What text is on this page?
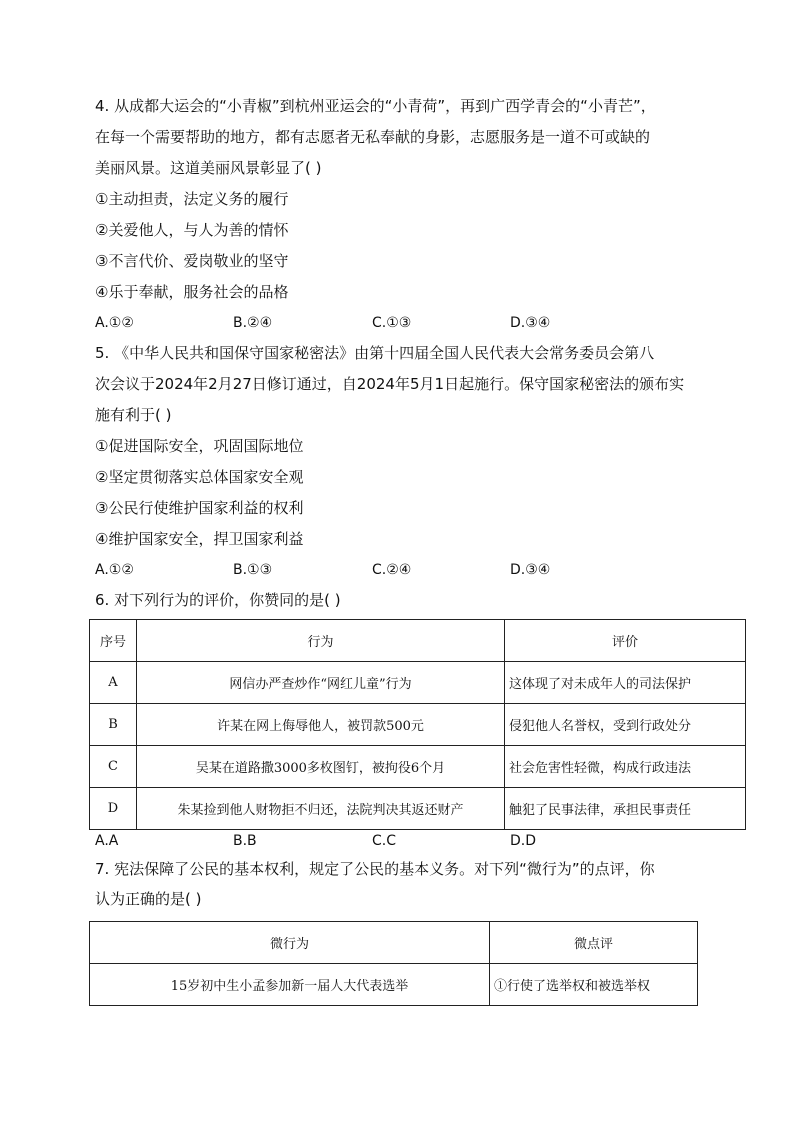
4. 从成都大运会的“小青椒”到杭州亚运会的“小青荷”，再到广西学青会的“小青芒”，
在每一个需要帮助的地方，都有志愿者无私奉献的身影，志愿服务是一道不可或缺的
美丽风景。这道美丽风景彰显了( )
①主动担责，法定义务的履行
②关爱他人，与人为善的情怀
③不言代价、爱岗敬业的坚守
④乐于奉献，服务社会的品格
A.①②	B.②④	C.①③	D.③④
5. 《中华人民共和国保守国家秘密法》由第十四届全国人民代表大会常务委员会第八
次会议于2024年2月27日修订通过，自2024年5月1日起施行。保守国家秘密法的颁布实
施有利于( )
①促进国际安全，巩固国际地位
②坚定贯彻落实总体国家安全观
③公民行使维护国家利益的权利
④维护国家安全，捍卫国家利益
A.①②	B.①③	C.②④	D.③④
6. 对下列行为的评价，你赞同的是( )
序号	行为	评价
A	网信办严查炒作“网红儿童”行为	这体现了对未成年人的司法保护
B	许某在网上侮辱他人，被罚款500元	侵犯他人名誉权，受到行政处分
C	吴某在道路撒3000多枚图钉，被拘役6个月	社会危害性轻微，构成行政违法
D	朱某捡到他人财物拒不归还，法院判决其返还财产	触犯了民事法律，承担民事责任
A.A	B.B	C.C	D.D
7. 宪法保障了公民的基本权利，规定了公民的基本义务。对下列“微行为”的点评，你
认为正确的是( )
微行为	微点评
15岁初中生小孟参加新一届人大代表选举	①行使了选举权和被选举权
